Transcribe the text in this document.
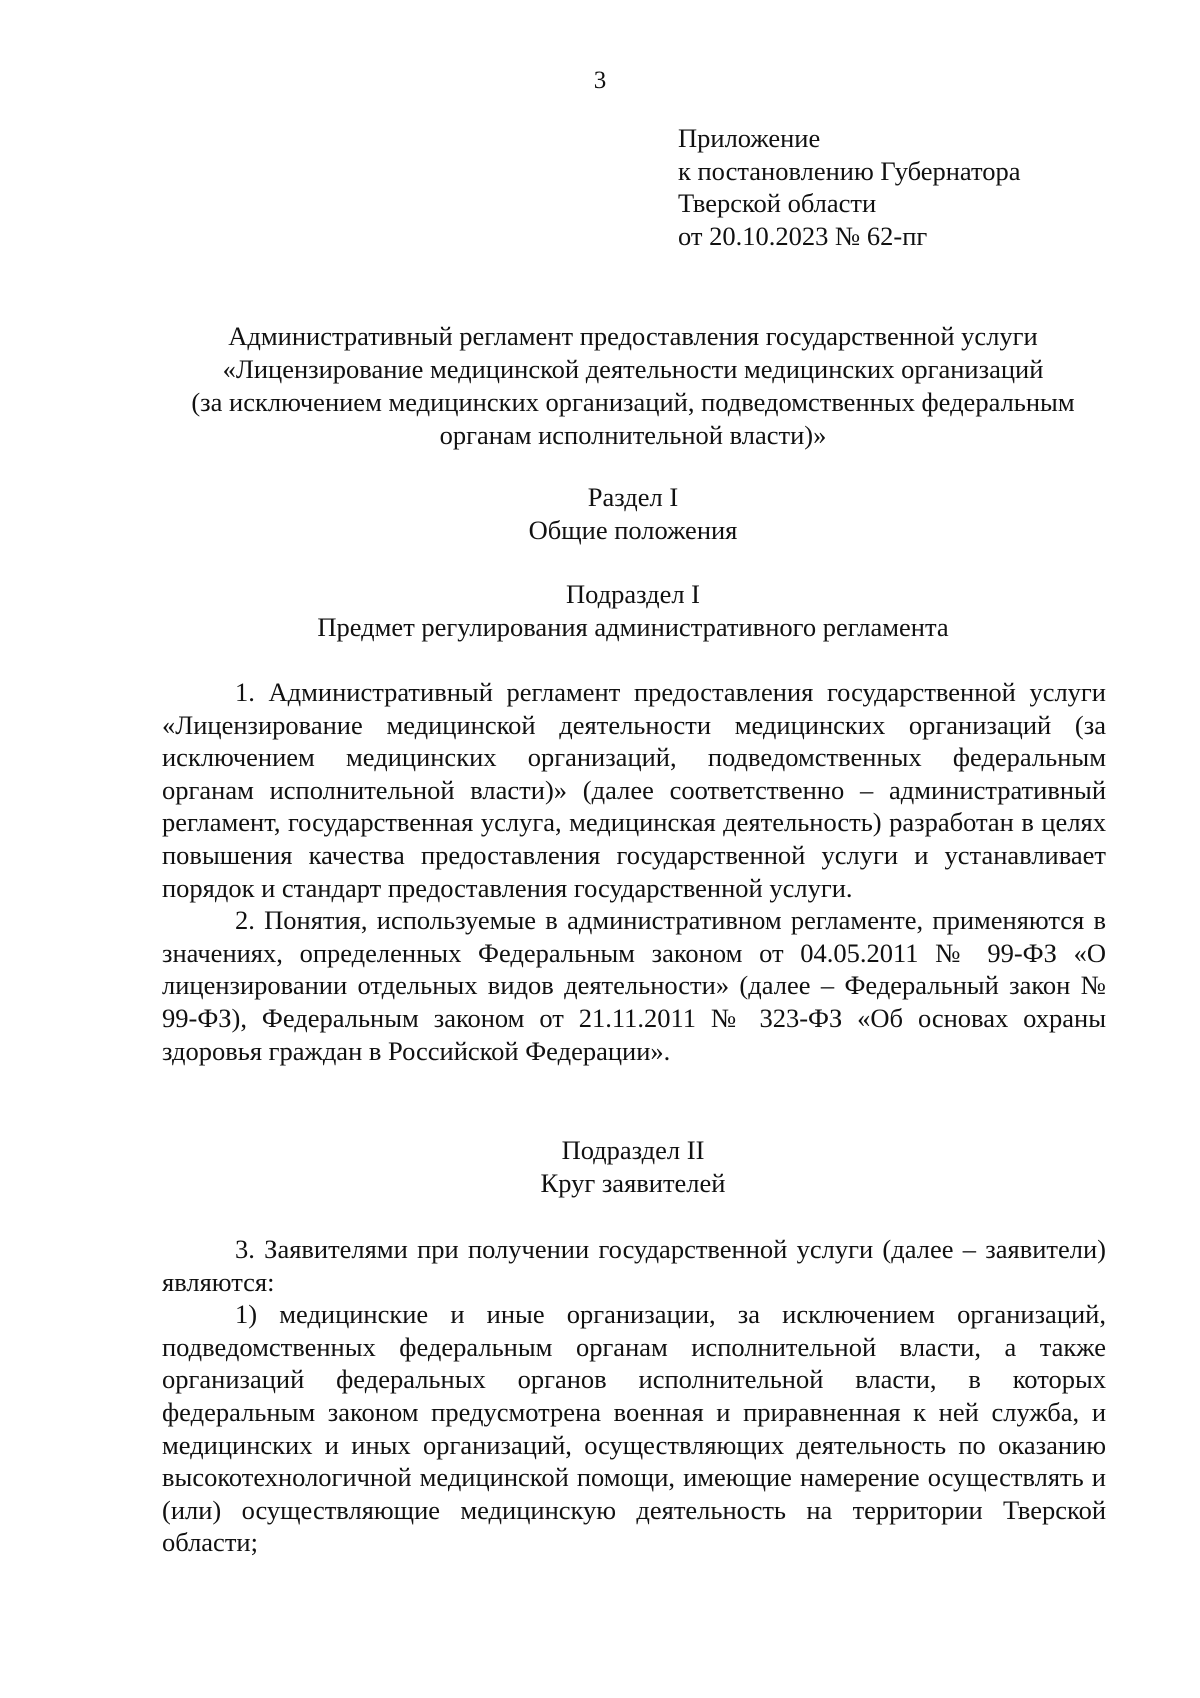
3
Приложение
к постановлению Губернатора
Тверской области
от 20.10.2023 № 62-пг
Административный регламент предоставления государственной услуги
«Лицензирование медицинской деятельности медицинских организаций
(за исключением медицинских организаций, подведомственных федеральным
органам исполнительной власти)»
Раздел I
Общие положения
Подраздел I
Предмет регулирования административного регламента

1. Административный регламент предоставления государственной услуги «Лицензирование медицинской деятельности медицинских организаций (за исключением медицинских организаций, подведомственных федеральным органам исполнительной власти)» (далее соответственно – административный регламент, государственная услуга, медицинская деятельность) разработан в целях повышения качества предоставления государственной услуги и устанавливает порядок и стандарт предоставления государственной услуги.

2. Понятия, используемые в административном регламенте, применяются в значениях, определенных Федеральным законом от 04.05.2011 № 99-ФЗ «О лицензировании отдельных видов деятельности» (далее – Федеральный закон № 99-ФЗ), Федеральным законом от 21.11.2011 № 323-ФЗ «Об основах охраны здоровья граждан в Российской Федерации».

Подраздел II
Круг заявителей

3. Заявителями при получении государственной услуги (далее – заявители) являются:

1) медицинские и иные организации, за исключением организаций, подведомственных федеральным органам исполнительной власти, а также организаций федеральных органов исполнительной власти, в которых федеральным законом предусмотрена военная и приравненная к ней служба, и медицинских и иных организаций, осуществляющих деятельность по оказанию высокотехнологичной медицинской помощи, имеющие намерение осуществлять и (или) осуществляющие медицинскую деятельность на территории Тверской области;
